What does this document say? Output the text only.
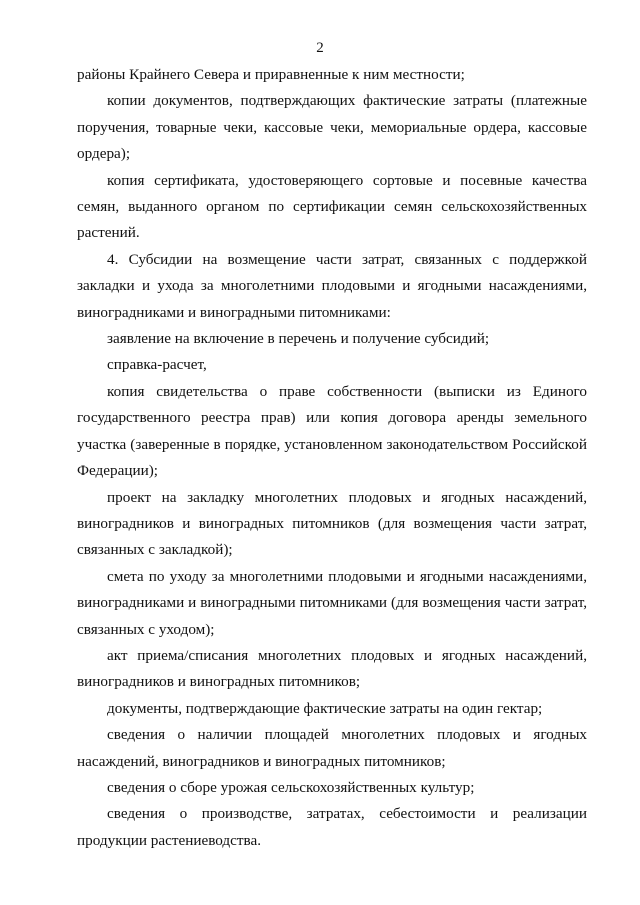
2

районы Крайнего Севера и приравненные к ним местности;

копии документов, подтверждающих фактические затраты (платежные поручения, товарные чеки, кассовые чеки, мемориальные ордера, кассовые ордера);

копия сертификата, удостоверяющего сортовые и посевные качества семян, выданного органом по сертификации семян сельскохозяйственных растений.

4. Субсидии на возмещение части затрат, связанных с поддержкой закладки и ухода за многолетними плодовыми и ягодными насаждениями, виноградниками и виноградными питомниками:

заявление на включение в перечень и получение субсидий;

справка-расчет,

копия свидетельства о праве собственности (выписки из Единого государственного реестра прав) или копия договора аренды земельного участка (заверенные в порядке, установленном законодательством Российской Федерации);

проект на закладку многолетних плодовых и ягодных насаждений, виноградников и виноградных питомников (для возмещения части затрат, связанных с закладкой);

смета по уходу за многолетними плодовыми и ягодными насаждениями, виноградниками и виноградными питомниками (для возмещения части затрат, связанных с уходом);

акт приема/списания многолетних плодовых и ягодных насаждений, виноградников и виноградных питомников;

документы, подтверждающие фактические затраты на один гектар;

сведения о наличии площадей многолетних плодовых и ягодных насаждений, виноградников и виноградных питомников;

сведения о сборе урожая сельскохозяйственных культур;

сведения о производстве, затратах, себестоимости и реализации продукции растениеводства.
